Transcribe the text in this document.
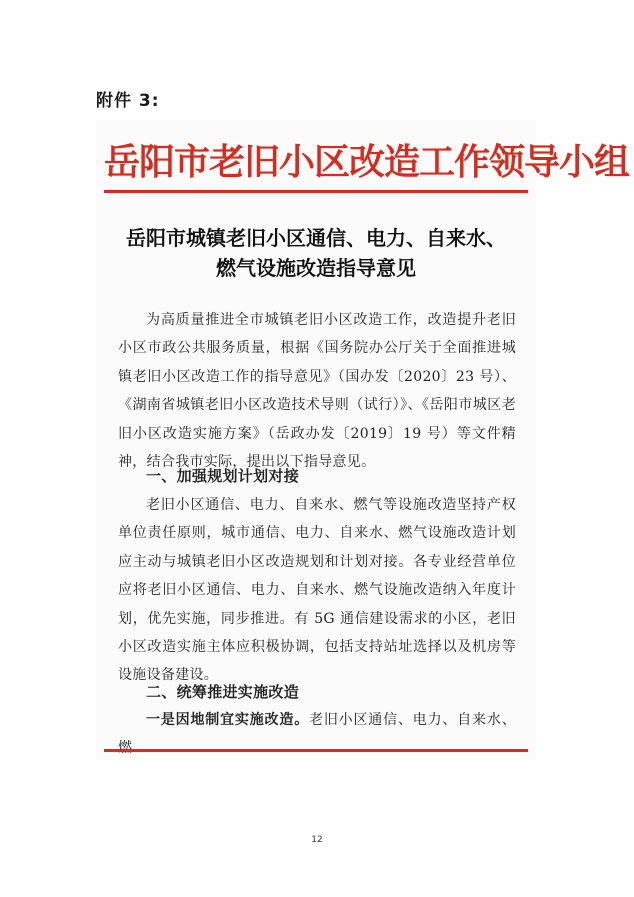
附件 3:
岳阳市老旧小区改造工作领导小组
岳阳市城镇老旧小区通信、电力、自来水、
燃气设施改造指导意见
为高质量推进全市城镇老旧小区改造工作，改造提升老旧小区市政公共服务质量，根据《国务院办公厅关于全面推进城镇老旧小区改造工作的指导意见》（国办发〔2020〕23 号）、《湖南省城镇老旧小区改造技术导则（试行）》、《岳阳市城区老旧小区改造实施方案》（岳政办发〔2019〕19 号）等文件精神，结合我市实际，提出以下指导意见。
一、加强规划计划对接
老旧小区通信、电力、自来水、燃气等设施改造坚持产权单位责任原则，城市通信、电力、自来水、燃气设施改造计划应主动与城镇老旧小区改造规划和计划对接。各专业经营单位应将老旧小区通信、电力、自来水、燃气设施改造纳入年度计划，优先实施，同步推进。有 5G 通信建设需求的小区，老旧小区改造实施主体应积极协调，包括支持站址选择以及机房等设施设备建设。
二、统筹推进实施改造
一是因地制宜实施改造。老旧小区通信、电力、自来水、
12
